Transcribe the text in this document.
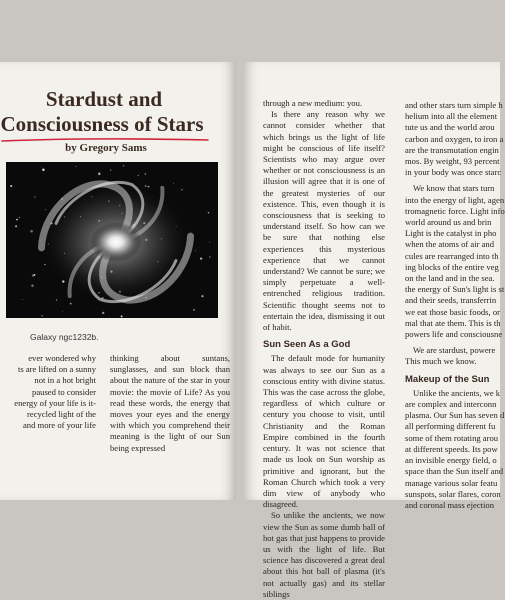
Stardust and
Consciousness of Stars

by Gregory Sams

Galaxy ngc1232b.

ever wondered why
ts are lifted on a sunny
not in a hot bright
paused to consider
energy of your life is it-
recycled light of the
and more of your life

thinking about suntans, sunglasses, and sun block than about the nature of the star in your movie: the movie of Life? As you read these words, the energy that moves your eyes and the energy with which you comprehend their meaning is the light of our Sun being expressed

through a new medium: you.

Is there any reason why we cannot consider whether that which brings us the light of life might be conscious of life itself? Scientists who may argue over whether or not consciousness is an illusion will agree that it is one of the greatest mysteries of our existence. This, even though it is consciousness that is seeking to understand itself. So how can we be sure that nothing else experiences this mysterious experience that we cannot understand? We cannot be sure; we simply perpetuate a well-entrenched religious tradition. Scientific thought seems not to entertain the idea, dismissing it out of habit.

Sun Seen As a God

The default mode for humanity was always to see our Sun as a conscious entity with divine status. This was the case across the globe, regardless of which culture or century you choose to visit, until Christianity and the Roman Empire combined in the fourth century. It was not science that made us look on Sun worship as primitive and ignorant, but the Roman Church which took a very dim view of anybody who disagreed.

So unlike the ancients, we now view the Sun as some dumb ball of hot gas that just happens to provide us with the light of life. But science has discovered a great deal about this hot ball of plasma (it's not actually gas) and its stellar siblings

and other stars turn simple h
helium into all the element
tute us and the world arou
carbon and oxygen, to iron a
are the transmutation engin
mos. By weight, 93 percent
in your body was once starc
We know that stars turn
into the energy of light, agen
tromagnetic force. Light info
world around us and brin
Light is the catalyst in pho
when the atoms of air and
cules are rearranged into th
ing blocks of the entire veg
on the land and in the sea.
the energy of Sun's light is st
and their seeds, transferrin
we eat those basic foods, or
mal that ate them. This is th
powers life and consciousne
We are stardust, powere
This much we know.
Makeup of the Sun
Unlike the ancients, we k
are complex and interconn
plasma. Our Sun has seven d
all performing different fu
some of them rotating arou
at different speeds. Its pow
an invisible energy field, o
space than the Sun itself and
manage various solar featu
sunspots, solar flares, coron
and coronal mass ejection
